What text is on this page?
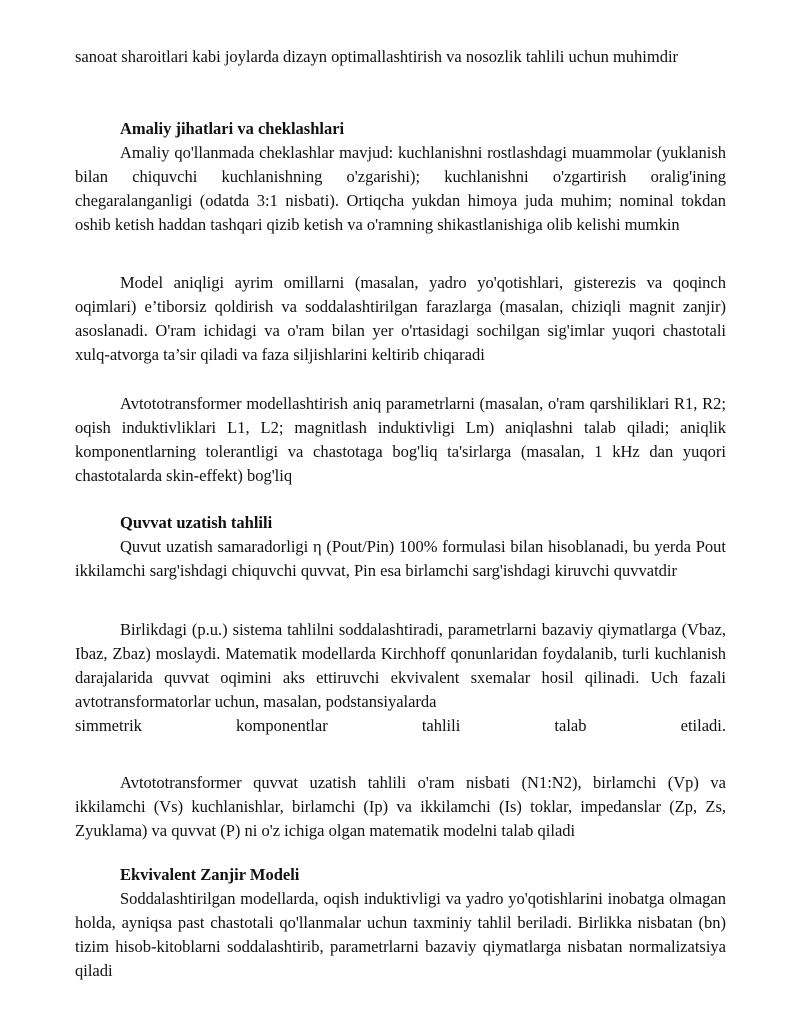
sanoat sharoitlari kabi joylarda dizayn optimallashtirish va nosozlik tahlili uchun muhimdir

Amaliy jihatlari va cheklashlari

Amaliy qo'llanmada cheklashlar mavjud: kuchlanishni rostlashdagi muammolar (yuklanish bilan chiquvchi kuchlanishning o'zgarishi); kuchlanishni o'zgartirish oralig'ining chegaralanganligi (odatda 3:1 nisbati). Ortiqcha yukdan himoya juda muhim; nominal tokdan oshib ketish haddan tashqari qizib ketish va o'ramning shikastlanishiga olib kelishi mumkin

Model aniqligi ayrim omillarni (masalan, yadro yo'qotishlari, gisterezis va qoqinch oqimlari) e’tiborsiz qoldirish va soddalashtirilgan farazlarga (masalan, chiziqli magnit zanjir) asoslanadi. O'ram ichidagi va o'ram bilan yer o'rtasidagi sochilgan sig'imlar yuqori chastotali xulq-atvorga ta’sir qiladi va faza siljishlarini keltirib chiqaradi

Avtototransformer modellashtirish aniq parametrlarni (masalan, o'ram qarshiliklari R1, R2; oqish induktivliklari L1, L2; magnitlash induktivligi Lm) aniqlashni talab qiladi; aniqlik komponentlarning tolerantligi va chastotaga bog'liq ta'sirlarga (masalan, 1 kHz dan yuqori chastotalarda skin-effekt) bog'liq

Quvvat uzatish tahlili

Quvut uzatish samaradorligi η (Pout/Pin) 100% formulasi bilan hisoblanadi, bu yerda Pout ikkilamchi sarg'ishdagi chiquvchi quvvat, Pin esa birlamchi sarg'ishdagi kiruvchi quvvatdir

Birlikdagi (p.u.) sistema tahlilni soddalashtiradi, parametrlarni bazaviy qiymatlarga (Vbaz, Ibaz, Zbaz) moslaydi. Matematik modellarda Kirchhoff qonunlaridan foydalanib, turli kuchlanish darajalarida quvvat oqimini aks ettiruvchi ekvivalent sxemalar hosil qilinadi. Uch fazali avtotransformatorlar uchun, masalan, podstansiyalarda

simmetrik komponentlar tahlili talab etiladi.

Avtototransformer quvvat uzatish tahlili o'ram nisbati (N1:N2), birlamchi (Vp) va ikkilamchi (Vs) kuchlanishlar, birlamchi (Ip) va ikkilamchi (Is) toklar, impedanslar (Zp, Zs, Zyuklama) va quvvat (P) ni o'z ichiga olgan matematik modelni talab qiladi

Ekvivalent Zanjir Modeli

Soddalashtirilgan modellarda, oqish induktivligi va yadro yo'qotishlarini inobatga olmagan holda, ayniqsa past chastotali qo'llanmalar uchun taxminiy tahlil beriladi. Birlikka nisbatan (bn) tizim hisob-kitoblarni soddalashtirib, parametrlarni bazaviy qiymatlarga nisbatan normalizatsiya qiladi
